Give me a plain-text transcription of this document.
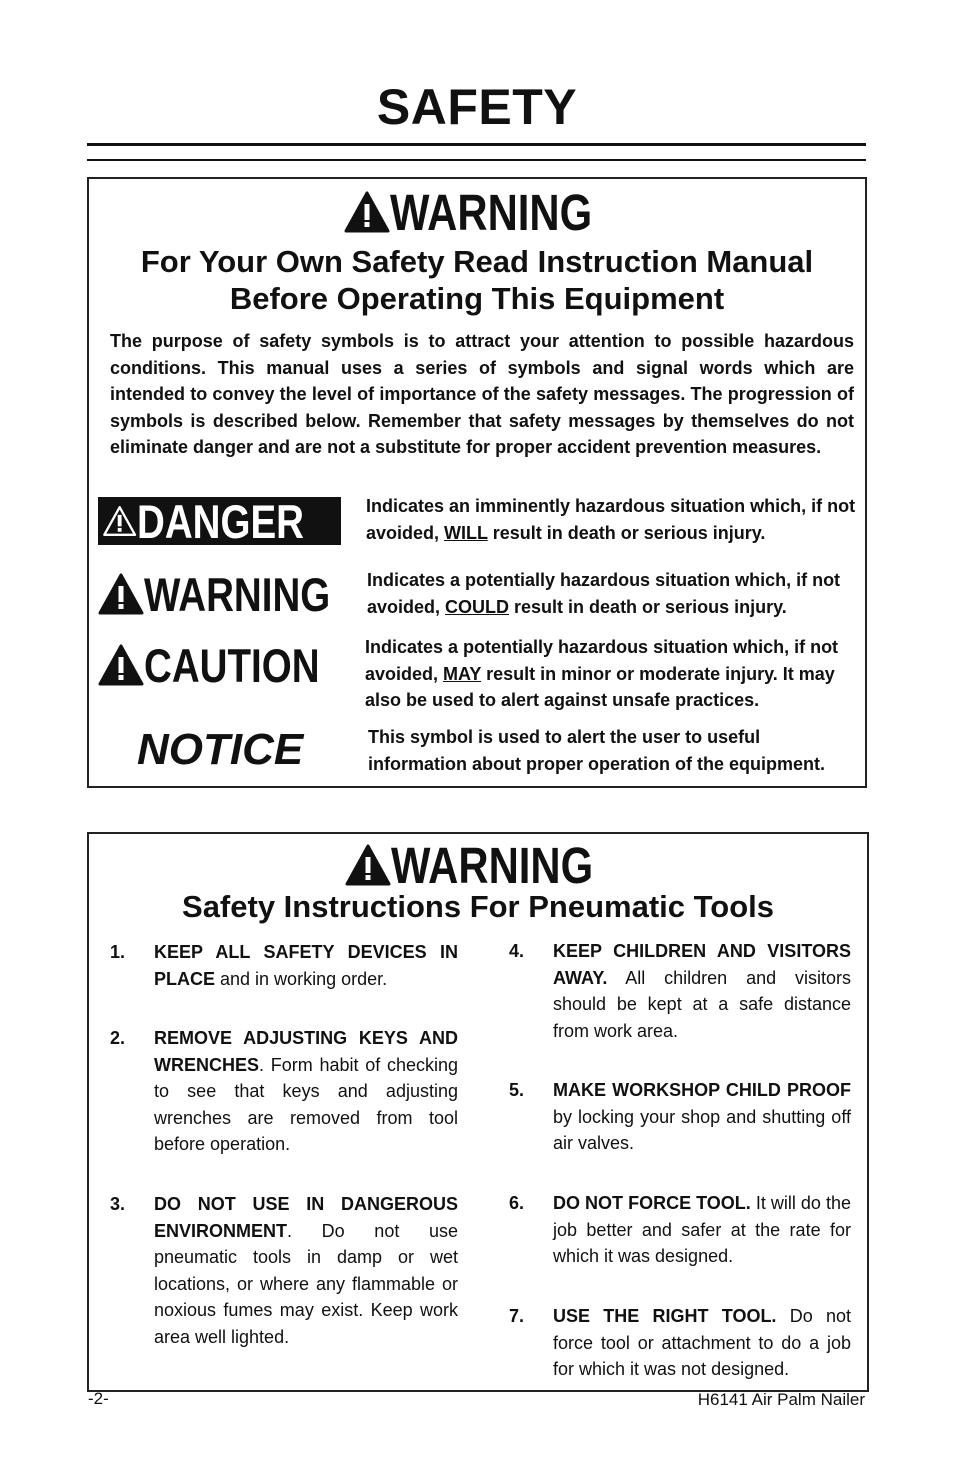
SAFETY
WARNING
For Your Own Safety Read Instruction Manual
Before Operating This Equipment
The purpose of safety symbols is to attract your attention to possible hazardous conditions. This manual uses a series of symbols and signal words which are intended to convey the level of importance of the safety messages. The progression of symbols is described below. Remember that safety messages by themselves do not eliminate danger and are not a substitute for proper accident prevention measures.
DANGER	Indicates an imminently hazardous situation which, if not avoided, WILL result in death or serious injury.
WARNING Indicates a potentially hazardous situation which, if not avoided, COULD result in death or serious injury.
CAUTION	Indicates a potentially hazardous situation which, if not avoided, MAY result in minor or moderate injury. It may also be used to alert against unsafe practices.
NOTICE	This symbol is used to alert the user to useful information about proper operation of the equipment.
WARNING
Safety Instructions For Pneumatic Tools
1.	KEEP ALL SAFETY DEVICES IN PLACE and in working order.
2.	REMOVE ADJUSTING KEYS AND WRENCHES. Form habit of checking to see that keys and adjusting wrenches are removed from tool before operation.
3.	DO NOT USE IN DANGEROUS ENVIRONMENT. Do not use pneumatic tools in damp or wet locations, or where any flammable or noxious fumes may exist. Keep work area well lighted.
4.	KEEP CHILDREN AND VISITORS AWAY. All children and visitors should be kept at a safe distance from work area.
5.	MAKE WORKSHOP CHILD PROOF by locking your shop and shutting off air valves.
6.	DO NOT FORCE TOOL. It will do the job better and safer at the rate for which it was designed.
7.	USE THE RIGHT TOOL. Do not force tool or attachment to do a job for which it was not designed.
-2-	H6141 Air Palm Nailer
